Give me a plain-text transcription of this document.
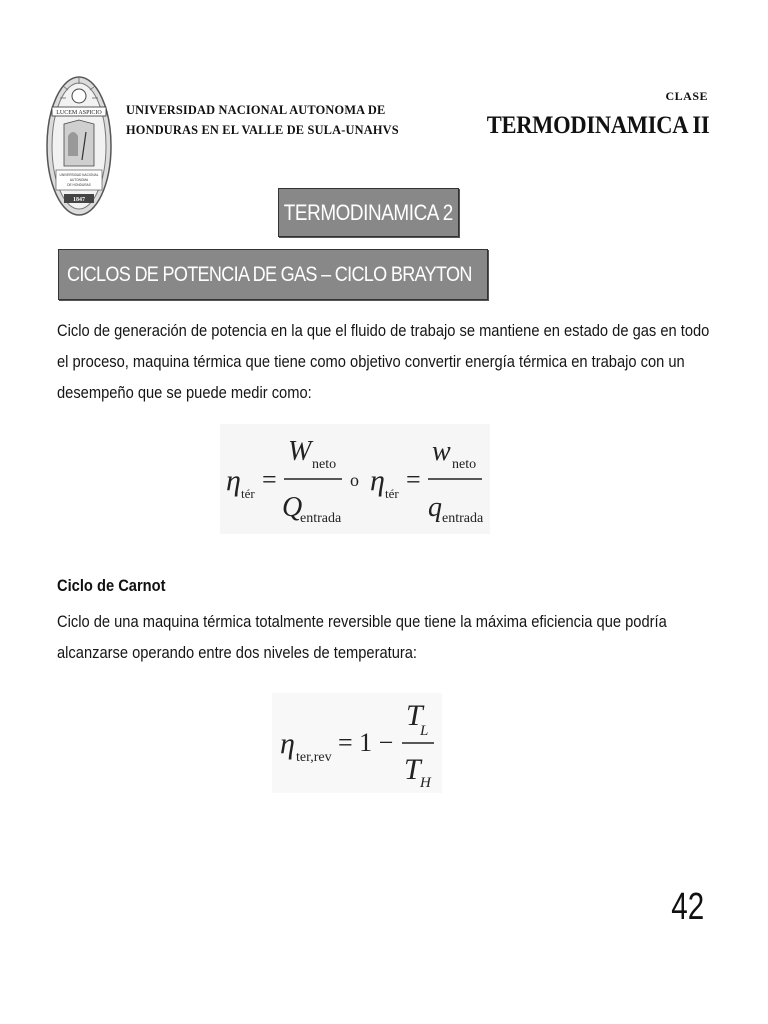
LUCEM ASPICIO
UNIVERSIDAD NACIONAL
AUTONOMA
DE HONDURAS
1847
UNIVERSIDAD NACIONAL AUTONOMA DE
HONDURAS EN EL VALLE DE SULA-UNAHVS
CLASE
TERMODINAMICA II
TERMODINAMICA 2
CICLOS DE POTENCIA DE GAS – CICLO BRAYTON
Ciclo de generación de potencia en la que el fluido de trabajo se mantiene en estado de gas en todo
el proceso, maquina térmica que tiene como objetivo convertir energía térmica en trabajo con un
desempeño que se puede medir como:
η tér =
W neto
Q
entrada
o η tér =
w neto
q entrada
Ciclo de Carnot
Ciclo de una maquina térmica totalmente reversible que tiene la máxima eficiencia que podría
alcanzarse operando entre dos niveles de temperatura:
η ter,rev
= 1 −
T
L
T H
42
